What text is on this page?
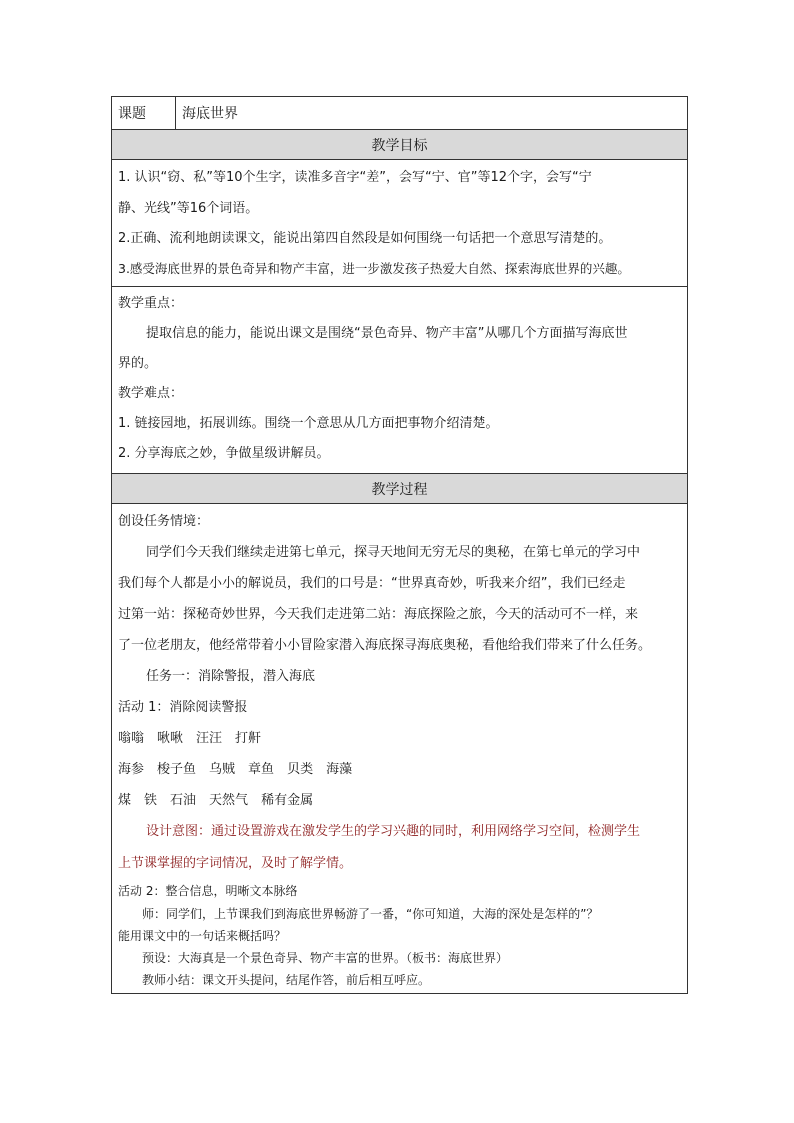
课题	海底世界
教学目标

1. 认识“窃、私”等10个生字，读准多音字“差”，会写“宁、官”等12个字，会写“宁
静、光线”等16个词语。
2.正确、流利地朗读课文，能说出第四自然段是如何围绕一句话把一个意思写清楚的。
3.感受海底世界的景色奇异和物产丰富，进一步激发孩子热爱大自然、探索海底世界的兴趣。

教学重点：
提取信息的能力，能说出课文是围绕“景色奇异、物产丰富”从哪几个方面描写海底世
界的。
教学难点：
1. 链接园地，拓展训练。围绕一个意思从几方面把事物介绍清楚。
2. 分享海底之妙，争做星级讲解员。

教学过程

创设任务情境：
同学们今天我们继续走进第七单元，探寻天地间无穷无尽的奥秘，在第七单元的学习中
我们每个人都是小小的解说员，我们的口号是：“世界真奇妙，听我来介绍”，我们已经走
过第一站：探秘奇妙世界，今天我们走进第二站：海底探险之旅，今天的活动可不一样，来
了一位老朋友，他经常带着小小冒险家潜入海底探寻海底奥秘，看他给我们带来了什么任务。
任务一：消除警报，潜入海底
活动 1：消除阅读警报
嗡嗡  啾啾  汪汪  打鼾
海参  梭子鱼  乌贼  章鱼  贝类  海藻
煤  铁  石油  天然气  稀有金属
设计意图：通过设置游戏在激发学生的学习兴趣的同时，利用网络学习空间，检测学生
上节课掌握的字词情况，及时了解学情。
活动 2：整合信息，明晰文本脉络
师：同学们，上节课我们到海底世界畅游了一番，“你可知道，大海的深处是怎样的”？
能用课文中的一句话来概括吗？
预设：大海真是一个景色奇异、物产丰富的世界。（板书：海底世界）
教师小结：课文开头提问，结尾作答，前后相互呼应。
